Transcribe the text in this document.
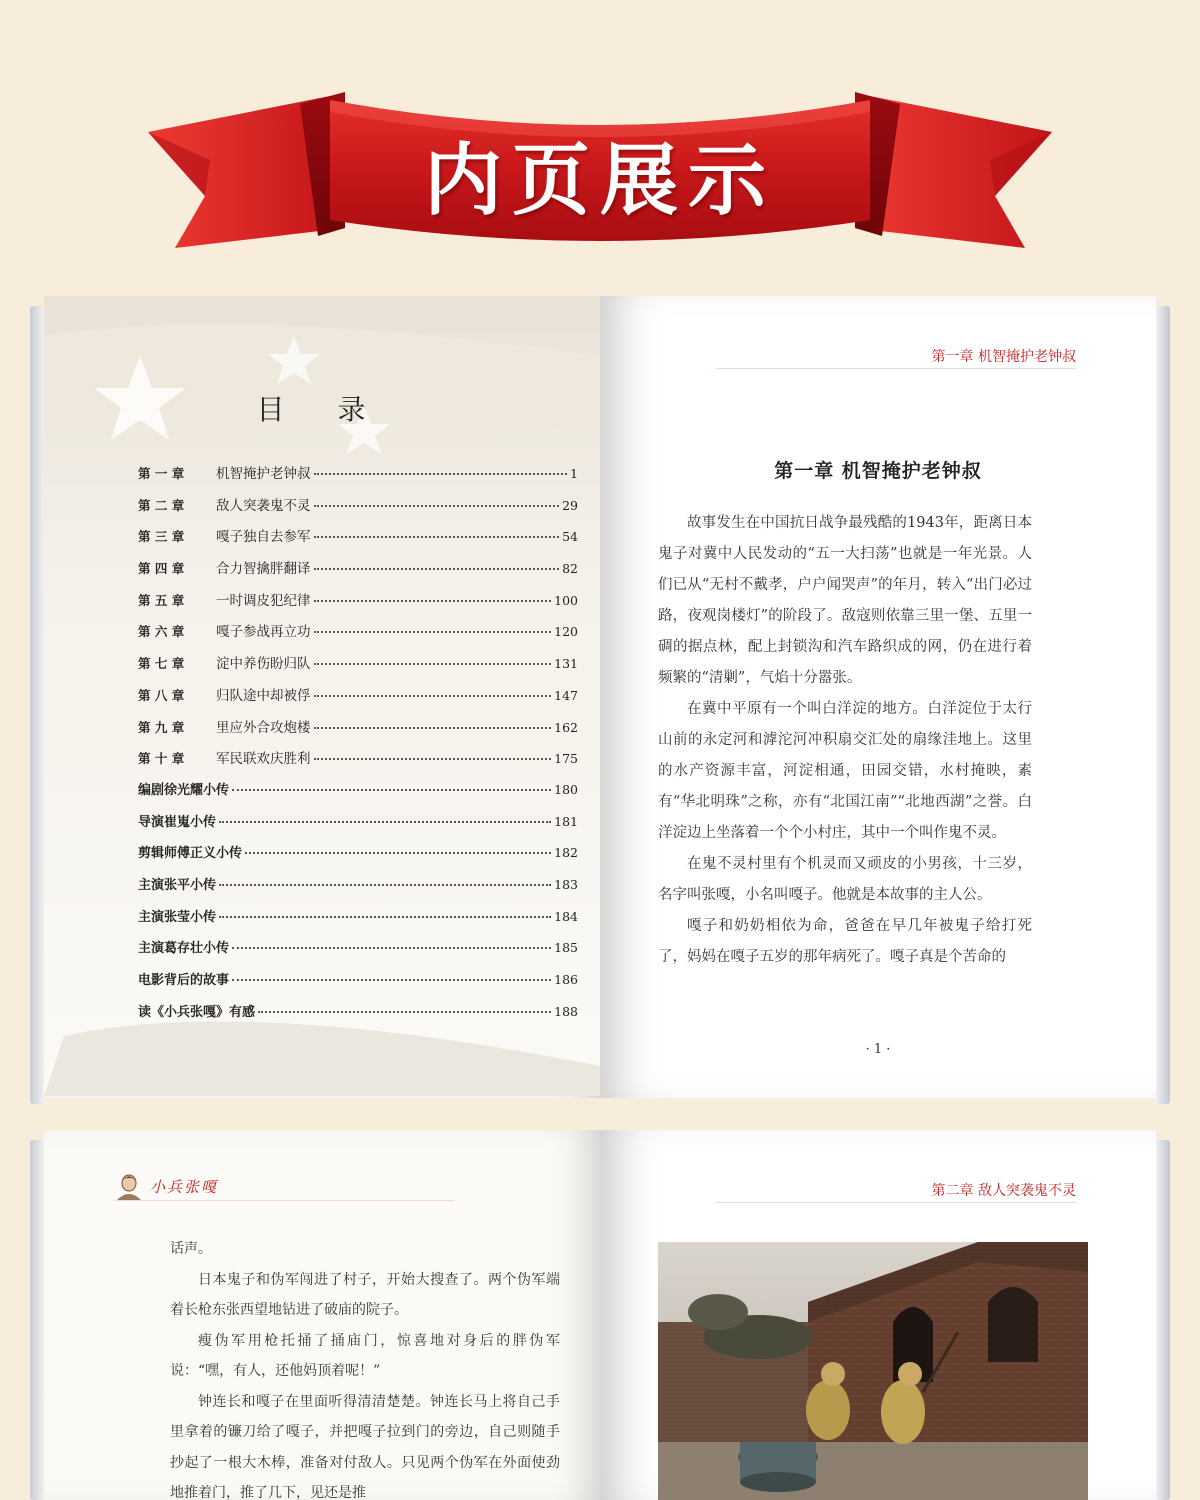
内页展示
目 录
第 一 章	机智掩护老钟叔	1
第 二 章	敌人突袭鬼不灵	29
第 三 章	嘎子独自去参军	54
第 四 章	合力智擒胖翻译	82
第 五 章	一时调皮犯纪律	100
第 六 章	嘎子参战再立功	120
第 七 章	淀中养伤盼归队	131
第 八 章	归队途中却被俘	147
第 九 章	里应外合攻炮楼	162
第 十 章	军民联欢庆胜利	175
编剧徐光耀小传	180
导演崔嵬小传	181
剪辑师傅正义小传	182
主演张平小传	183
主演张莹小传	184
主演葛存壮小传	185
电影背后的故事	186
读《小兵张嘎》有感	188
第一章 机智掩护老钟叔
第一章 机智掩护老钟叔

故事发生在中国抗日战争最残酷的1943年，距离日本鬼子对冀中人民发动的“五一大扫荡”也就是一年光景。人们已从“无村不戴孝，户户闻哭声”的年月，转入“出门必过路，夜观岗楼灯”的阶段了。敌寇则依靠三里一堡、五里一碉的据点林，配上封锁沟和汽车路织成的网，仍在进行着频繁的“清剿”，气焰十分嚣张。

在冀中平原有一个叫白洋淀的地方。白洋淀位于太行山前的永定河和滹沱河冲积扇交汇处的扇缘洼地上。这里的水产资源丰富，河淀相通，田园交错，水村掩映，素有“华北明珠”之称，亦有“北国江南”“北地西湖”之誉。白洋淀边上坐落着一个个小村庄，其中一个叫作鬼不灵。

在鬼不灵村里有个机灵而又顽皮的小男孩，十三岁，名字叫张嘎，小名叫嘎子。他就是本故事的主人公。

嘎子和奶奶相依为命，爸爸在早几年被鬼子给打死了，妈妈在嘎子五岁的那年病死了。嘎子真是个苦命的

· 1 ·
小兵张嘎

话声。

日本鬼子和伪军闯进了村子，开始大搜查了。两个伪军端着长枪东张西望地钻进了破庙的院子。

瘦伪军用枪托捅了捅庙门，惊喜地对身后的胖伪军说：“嘿，有人，还他妈顶着呢！”

钟连长和嘎子在里面听得清清楚楚。钟连长马上将自己手里拿着的镰刀给了嘎子，并把嘎子拉到门的旁边，自己则随手抄起了一根大木棒，准备对付敌人。只见两个伪军在外面使劲地推着门，推了几下，见还是推

第二章 敌人突袭鬼不灵
